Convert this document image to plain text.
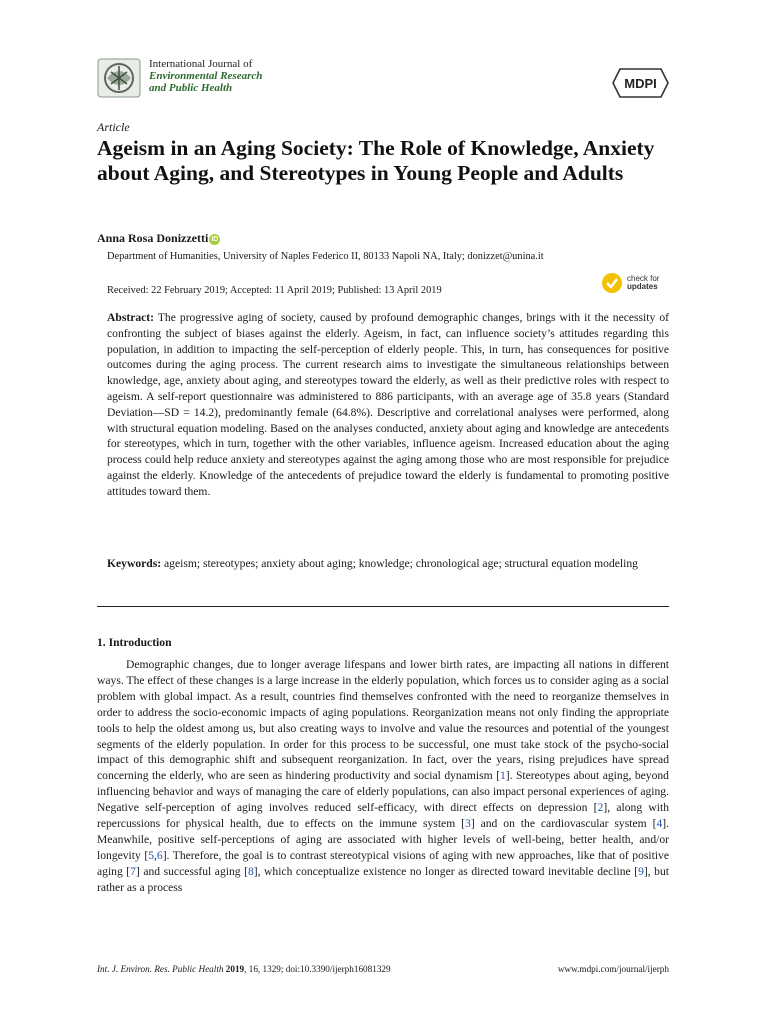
International Journal of
Environmental Research
and Public Health	MDPI
Article
Ageism in an Aging Society: The Role of Knowledge, Anxiety about Aging, and Stereotypes in Young People and Adults
Anna Rosa Donizzetti iD
Department of Humanities, University of Naples Federico II, 80133 Napoli NA, Italy; donizzet@unina.it
Received: 22 February 2019; Accepted: 11 April 2019; Published: 13 April 2019
check for
updates
Abstract: The progressive aging of society, caused by profound demographic changes, brings with it the necessity of confronting the subject of biases against the elderly. Ageism, in fact, can influence society’s attitudes regarding this population, in addition to impacting the self-perception of elderly people. This, in turn, has consequences for positive outcomes during the aging process. The current research aims to investigate the simultaneous relationships between knowledge, age, anxiety about aging, and stereotypes toward the elderly, as well as their predictive roles with respect to ageism. A self-report questionnaire was administered to 886 participants, with an average age of 35.8 years (Standard Deviation—SD = 14.2), predominantly female (64.8%). Descriptive and correlational analyses were performed, along with structural equation modeling. Based on the analyses conducted, anxiety about aging and knowledge are antecedents for stereotypes, which in turn, together with the other variables, influence ageism. Increased education about the aging process could help reduce anxiety and stereotypes against the aging among those who are most responsible for prejudice against the elderly. Knowledge of the antecedents of prejudice toward the elderly is fundamental to promoting positive attitudes toward them.
Keywords: ageism; stereotypes; anxiety about aging; knowledge; chronological age; structural equation modeling
1. Introduction

Demographic changes, due to longer average lifespans and lower birth rates, are impacting all nations in different ways. The effect of these changes is a large increase in the elderly population, which forces us to consider aging as a social problem with global impact. As a result, countries find themselves confronted with the need to reorganize themselves in order to address the socio-economic impacts of aging populations. Reorganization means not only finding the appropriate tools to help the oldest among us, but also creating ways to involve and value the resources and potential of the youngest segments of the elderly population. In order for this process to be successful, one must take stock of the psycho-social impact of this demographic shift and subsequent reorganization. In fact, over the years, rising prejudices have spread concerning the elderly, who are seen as hindering productivity and social dynamism [1]. Stereotypes about aging, beyond influencing behavior and ways of managing the care of elderly populations, can also impact personal experiences of aging. Negative self-perception of aging involves reduced self-efficacy, with direct effects on depression [2], along with repercussions for physical health, due to effects on the immune system [3] and on the cardiovascular system [4]. Meanwhile, positive self-perceptions of aging are associated with higher levels of well-being, better health, and/or longevity [5,6]. Therefore, the goal is to contrast stereotypical visions of aging with new approaches, like that of positive aging [7] and successful aging [8], which conceptualize existence no longer as directed toward inevitable decline [9], but rather as a process

Int. J. Environ. Res. Public Health 2019, 16, 1329; doi:10.3390/ijerph16081329	www.mdpi.com/journal/ijerph
